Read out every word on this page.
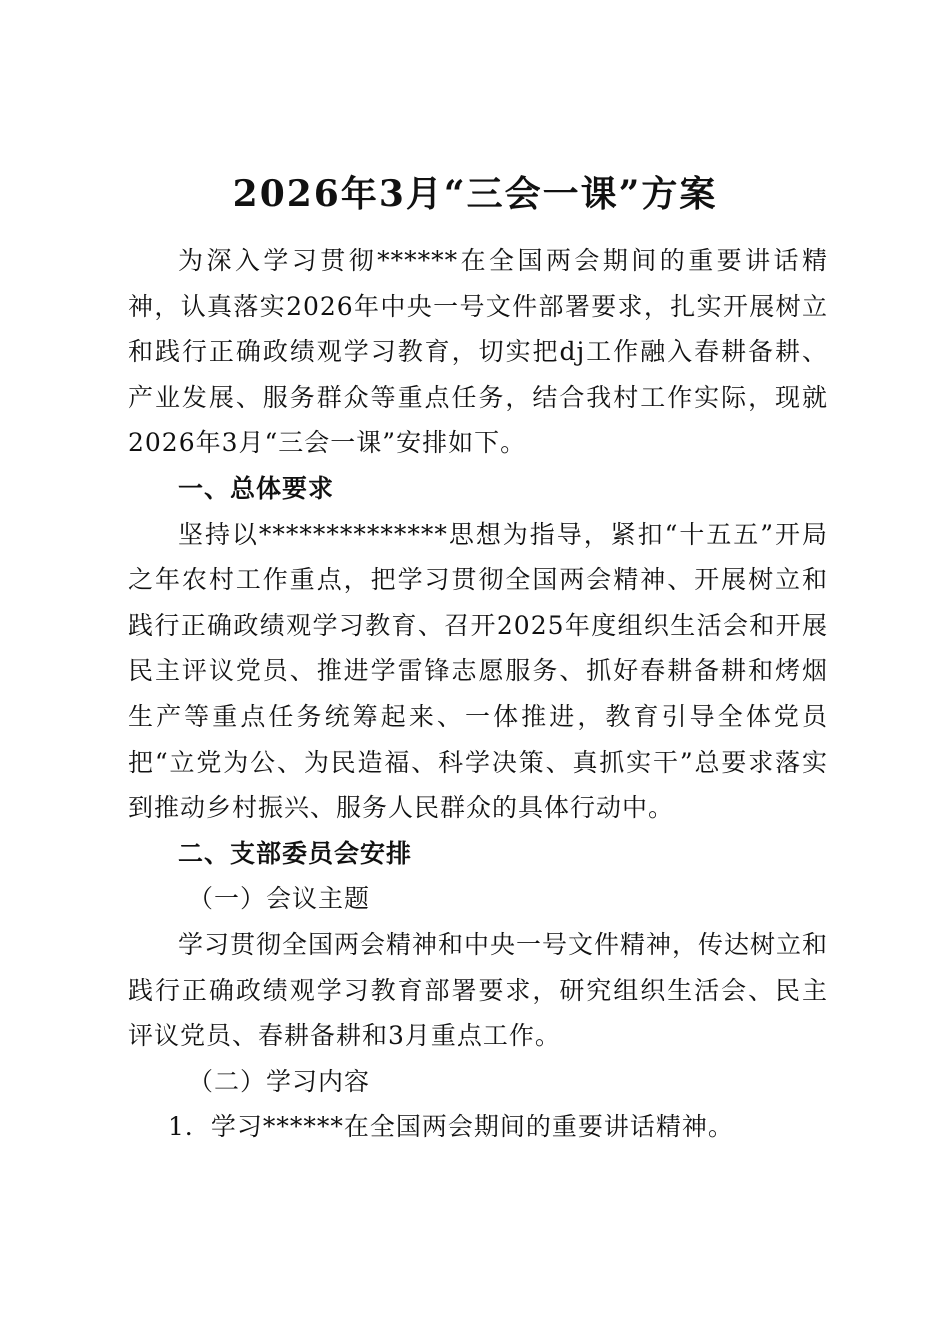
2026年3月“三会一课”方案

为深入学习贯彻******在全国两会期间的重要讲话精神，认真落实2026年中央一号文件部署要求，扎实开展树立和践行正确政绩观学习教育，切实把dj工作融入春耕备耕、产业发展、服务群众等重点任务，结合我村工作实际，现就2026年3月“三会一课”安排如下。

一、总体要求

坚持以**************思想为指导，紧扣“十五五”开局之年农村工作重点，把学习贯彻全国两会精神、开展树立和践行正确政绩观学习教育、召开2025年度组织生活会和开展民主评议党员、推进学雷锋志愿服务、抓好春耕备耕和烤烟生产等重点任务统筹起来、一体推进，教育引导全体党员把“立党为公、为民造福、科学决策、真抓实干”总要求落实到推动乡村振兴、服务人民群众的具体行动中。

二、支部委员会安排

（一）会议主题

学习贯彻全国两会精神和中央一号文件精神，传达树立和践行正确政绩观学习教育部署要求，研究组织生活会、民主评议党员、春耕备耕和3月重点工作。

（二）学习内容

1．学习******在全国两会期间的重要讲话精神。
